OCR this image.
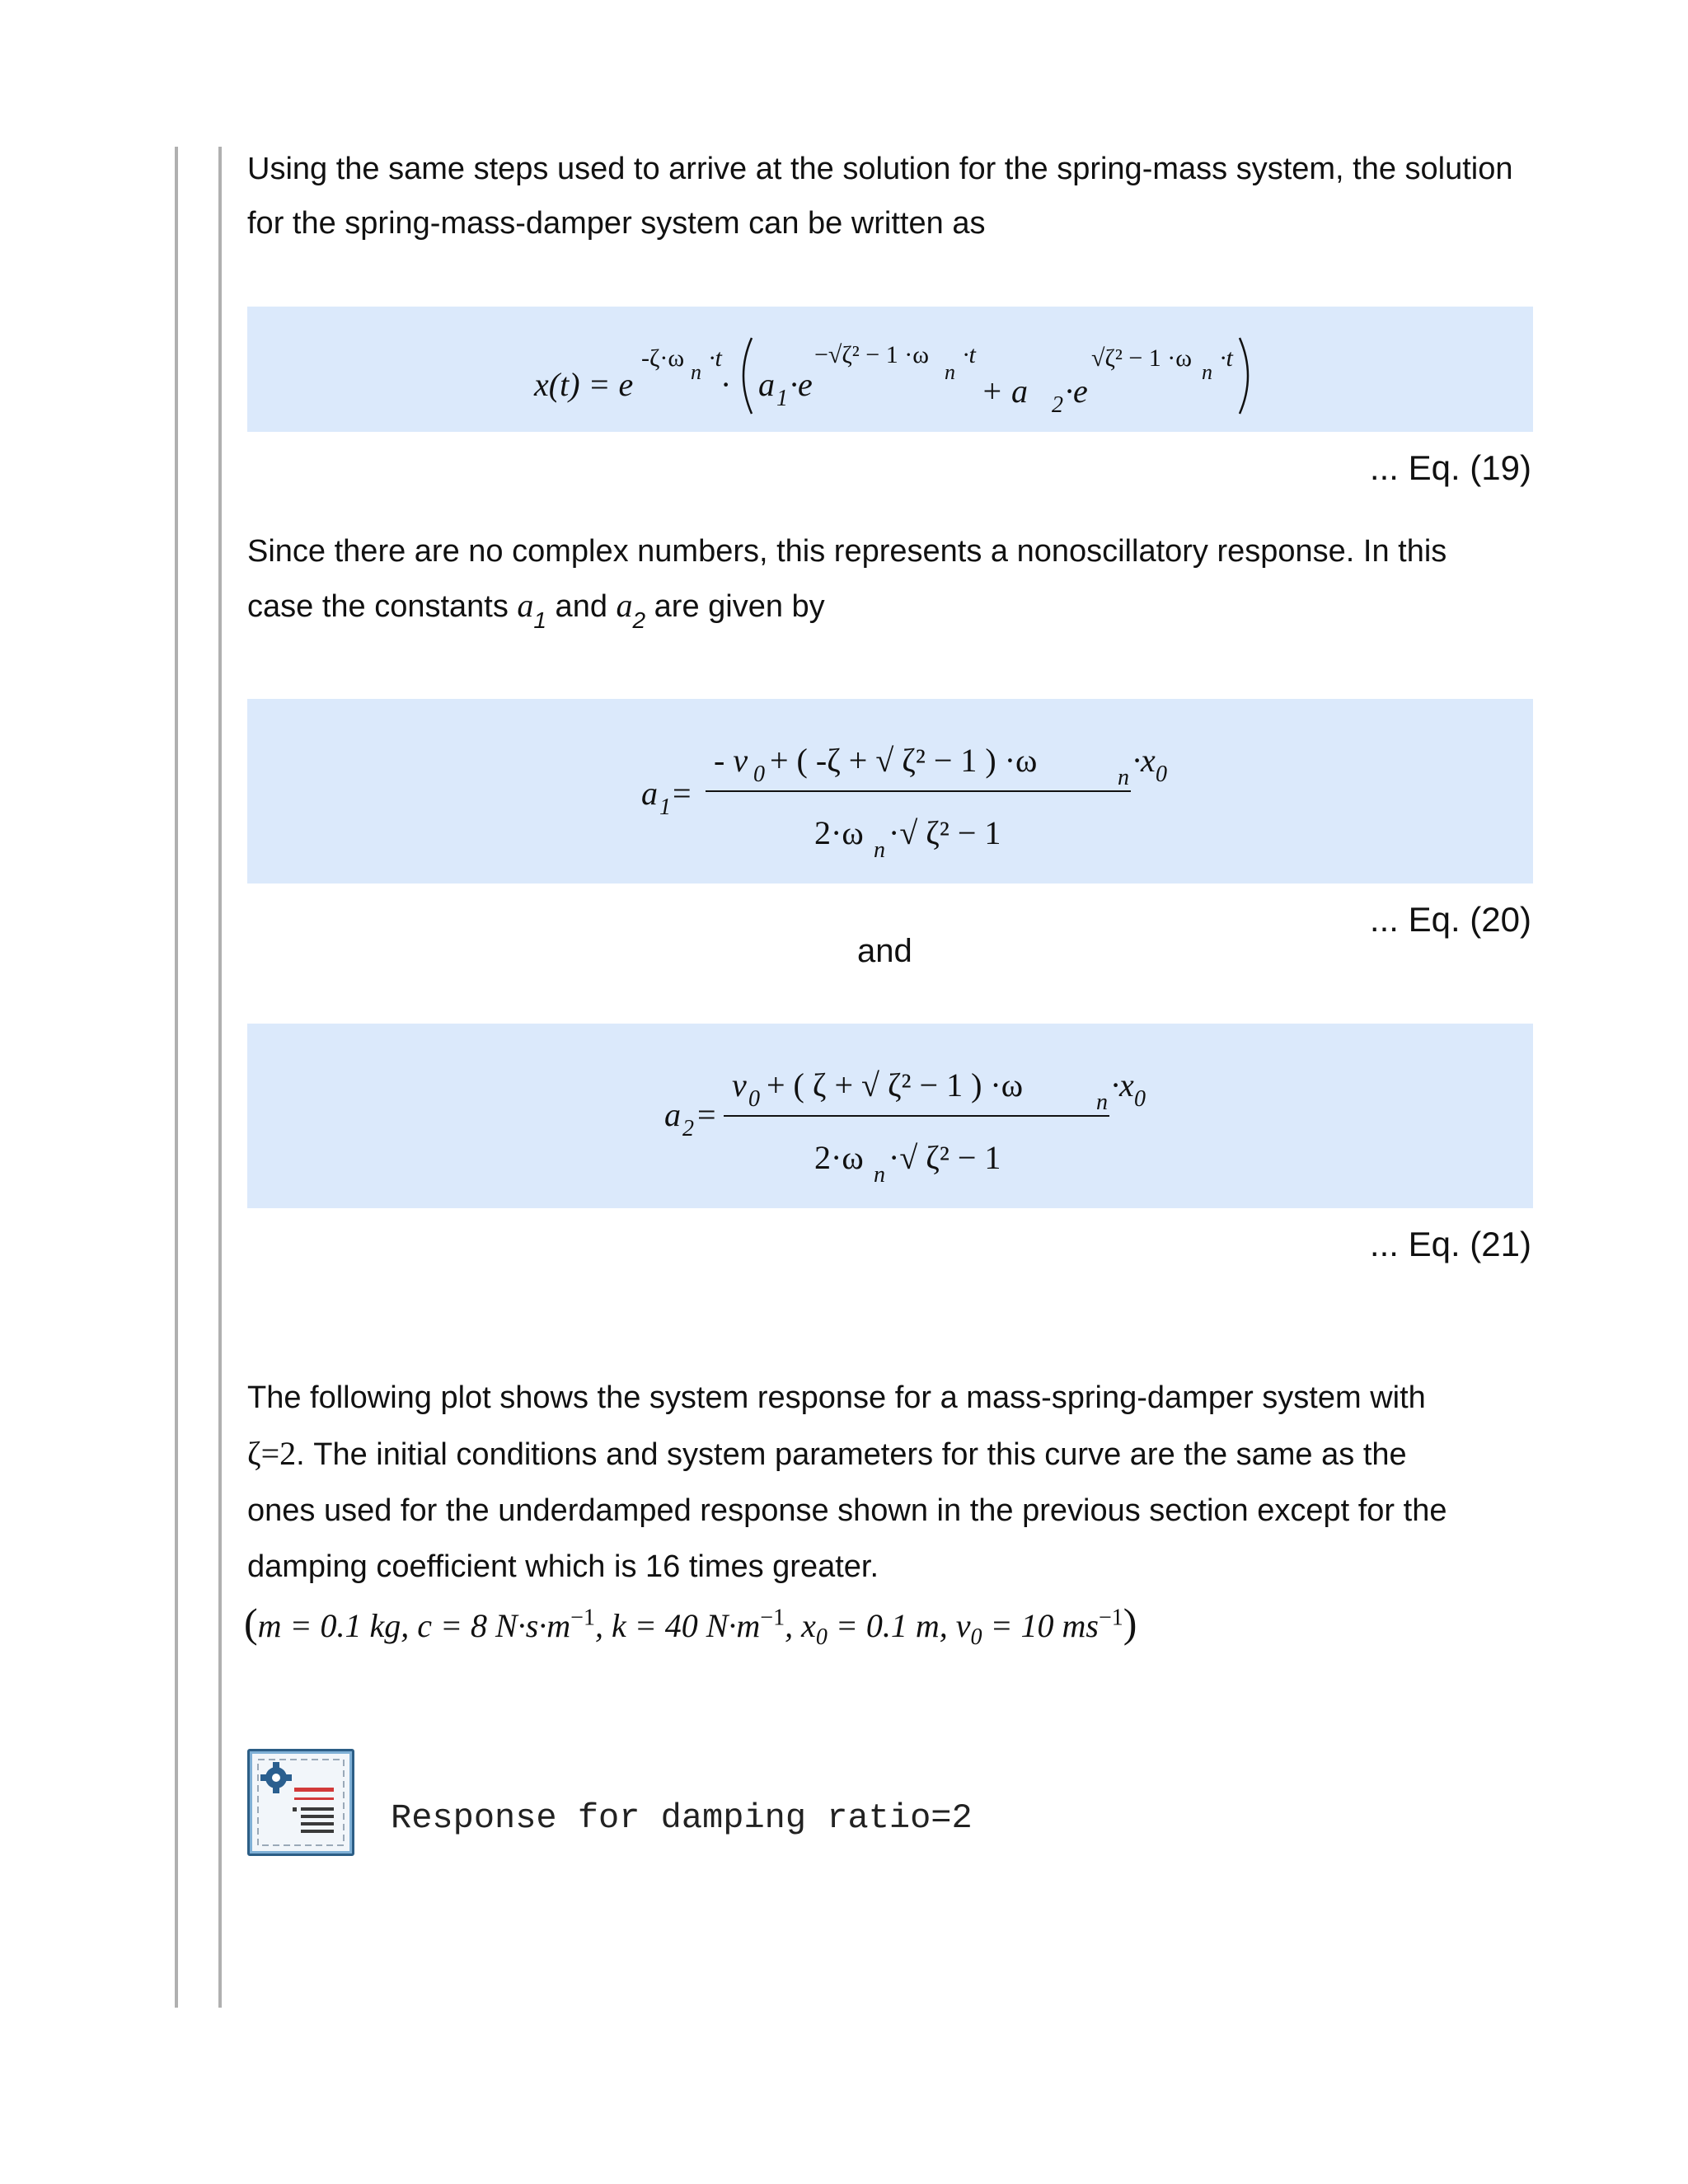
Using the same steps used to arrive at the solution for the spring-mass system, the solution for the spring-mass-damper system can be written as

x(t) = e
-ζ·ω
n
·t
· a 1 ·e
−√ζ² − 1 ·ω
n
·t
+ a 2 ·e
√ζ² − 1 ·ω
n
·t
... Eq. (19)

Since there are no complex numbers, this represents a nonoscillatory response. In this

case the constants $a_1$ and $a_2$ are given by

a 1 =
- v 0 + ( -ζ + √ ζ² − 1 ) ·ω	n ·x 0
2·ω n ·√ ζ² − 1
... Eq. (20)
and
a 2 =
v 0 + ( ζ + √ ζ² − 1 ) ·ω	n ·x 0
2·ω n ·√ ζ² − 1
... Eq. (21)

The following plot shows the system response for a mass-spring-damper system with
ζ=2. The initial conditions and system parameters for this curve are the same as the
ones used for the underdamped response shown in the previous section except for the
damping coefficient which is 16 times greater.

(m = 0.1 kg, c = 8 $N\cdot s\cdot m^{-1}$, k = 40 $N\cdot m^{-1}$, $x_0 = 0.1$ m, $v_0 = 10$ $ms^{-1}$)
Response for damping ratio=2
